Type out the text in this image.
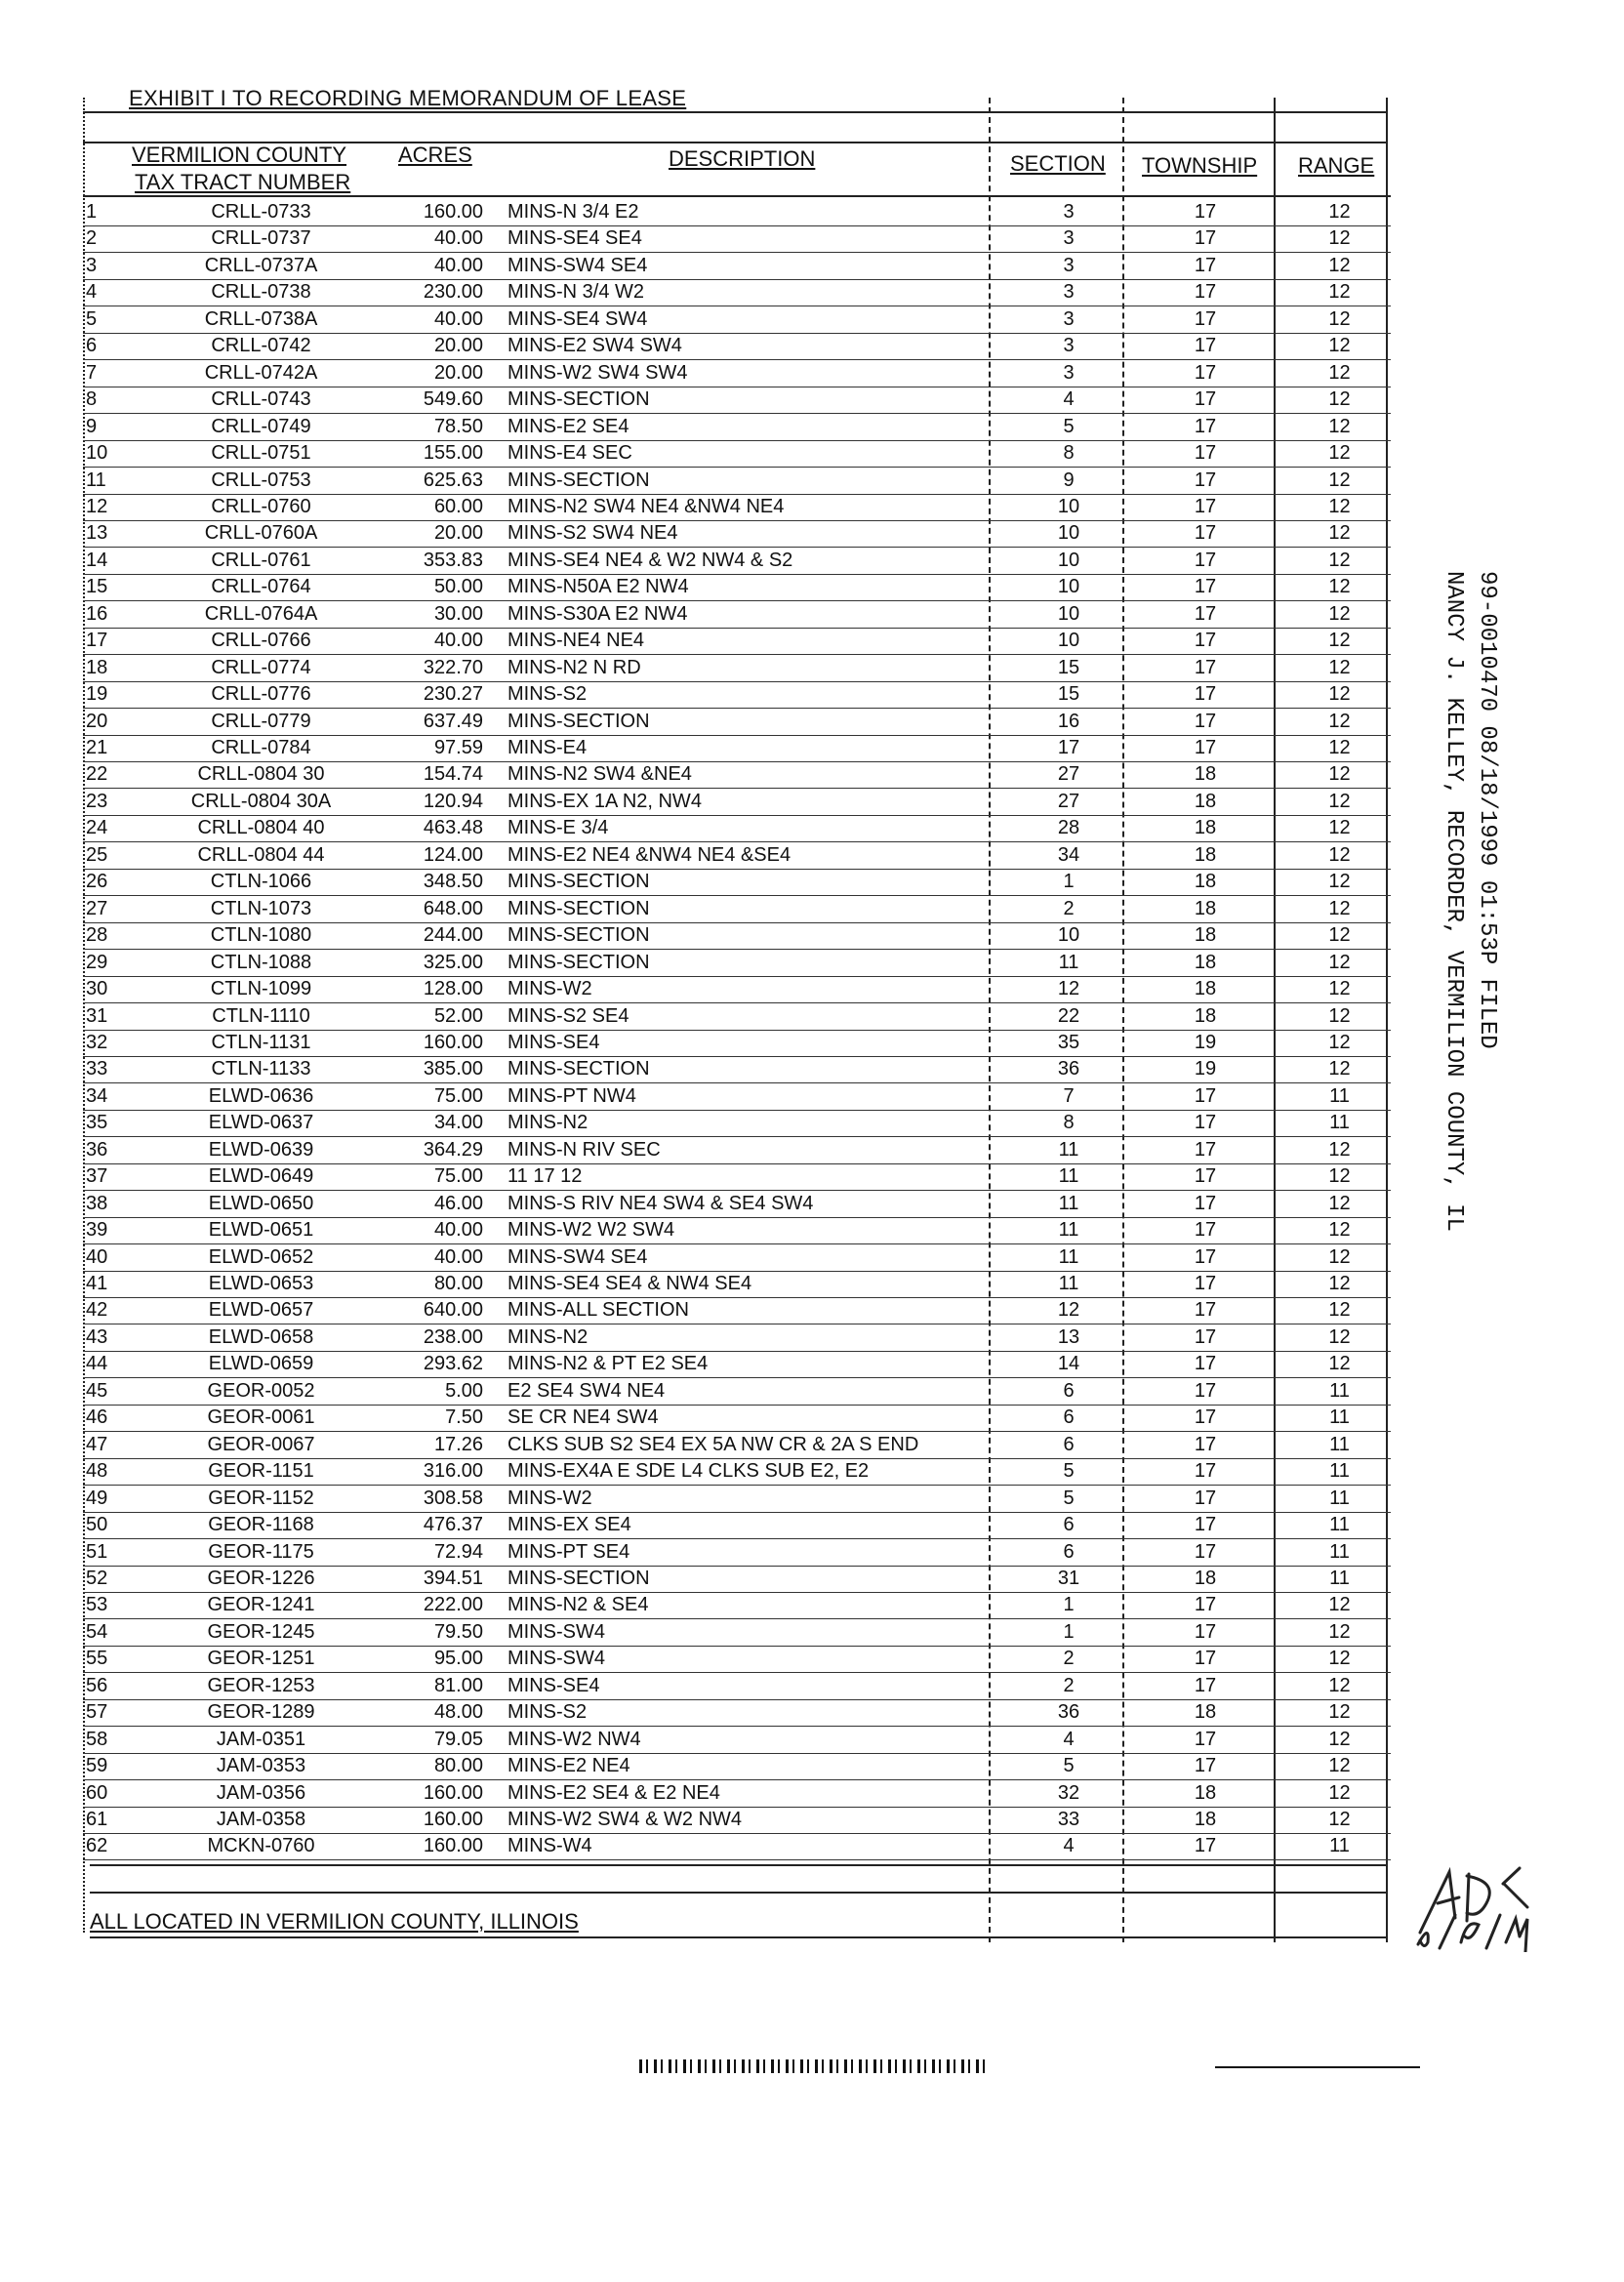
EXHIBIT I TO RECORDING MEMORANDUM OF LEASE
VERMILION COUNTY
TAX TRACT NUMBER
ACRES	DESCRIPTION	SECTION TOWNSHIP RANGE
1	CRLL-0733	160.00 MINS-N 3/4 E2	3	17	12
2	CRLL-0737	40.00 MINS-SE4 SE4	3	17	12
3	CRLL-0737A	40.00 MINS-SW4 SE4	3	17	12
4	CRLL-0738	230.00 MINS-N 3/4 W2	3	17	12
5	CRLL-0738A	40.00 MINS-SE4 SW4	3	17	12
6	CRLL-0742	20.00 MINS-E2 SW4 SW4	3	17	12
7	CRLL-0742A	20.00 MINS-W2 SW4 SW4	3	17	12
8	CRLL-0743	549.60 MINS-SECTION	4	17	12
9	CRLL-0749	78.50 MINS-E2 SE4	5	17	12
10	CRLL-0751	155.00 MINS-E4 SEC	8	17	12
11	CRLL-0753	625.63 MINS-SECTION	9	17	12
12	CRLL-0760	60.00 MINS-N2 SW4 NE4 &NW4 NE4	10	17	12
13	CRLL-0760A	20.00 MINS-S2 SW4 NE4	10	17	12
14	CRLL-0761	353.83 MINS-SE4 NE4 & W2 NW4 & S2	10	17	12
15	CRLL-0764	50.00 MINS-N50A E2 NW4	10	17	12
16	CRLL-0764A	30.00 MINS-S30A E2 NW4	10	17	12
17	CRLL-0766	40.00 MINS-NE4 NE4	10	17	12
18	CRLL-0774	322.70 MINS-N2 N RD	15	17	12
19	CRLL-0776	230.27 MINS-S2	15	17	12
20	CRLL-0779	637.49 MINS-SECTION	16	17	12
21	CRLL-0784	97.59 MINS-E4	17	17	12
22	CRLL-0804 30	154.74 MINS-N2 SW4 &NE4	27	18	12
23	CRLL-0804 30A	120.94 MINS-EX 1A N2, NW4	27	18	12
24	CRLL-0804 40	463.48 MINS-E 3/4	28	18	12
25	CRLL-0804 44	124.00 MINS-E2 NE4 &NW4 NE4 &SE4	34	18	12
26	CTLN-1066	348.50 MINS-SECTION	1	18	12
27	CTLN-1073	648.00 MINS-SECTION	2	18	12
28	CTLN-1080	244.00 MINS-SECTION	10	18	12
29	CTLN-1088	325.00 MINS-SECTION	11	18	12
30	CTLN-1099	128.00 MINS-W2	12	18	12
31	CTLN-1110	52.00 MINS-S2 SE4	22	18	12
32	CTLN-1131	160.00 MINS-SE4	35	19	12
33	CTLN-1133	385.00 MINS-SECTION	36	19	12
34	ELWD-0636	75.00 MINS-PT NW4	7	17	11
35	ELWD-0637	34.00 MINS-N2	8	17	11
36	ELWD-0639	364.29 MINS-N RIV SEC	11	17	12
37	ELWD-0649	75.00 11 17 12	11	17	12
38	ELWD-0650	46.00 MINS-S RIV NE4 SW4 & SE4 SW4	11	17	12
39	ELWD-0651	40.00 MINS-W2 W2 SW4	11	17	12
40	ELWD-0652	40.00 MINS-SW4 SE4	11	17	12
41	ELWD-0653	80.00 MINS-SE4 SE4 & NW4 SE4	11	17	12
42	ELWD-0657	640.00 MINS-ALL SECTION	12	17	12
43	ELWD-0658	238.00 MINS-N2	13	17	12
44	ELWD-0659	293.62 MINS-N2 & PT E2 SE4	14	17	12
45	GEOR-0052	5.00 E2 SE4 SW4 NE4	6	17	11
46	GEOR-0061	7.50 SE CR NE4 SW4	6	17	11
47	GEOR-0067	17.26 CLKS SUB S2 SE4 EX 5A NW CR & 2A S END	6	17	11
48	GEOR-1151	316.00 MINS-EX4A E SDE L4 CLKS SUB E2, E2	5	17	11
49	GEOR-1152	308.58 MINS-W2	5	17	11
50	GEOR-1168	476.37 MINS-EX SE4	6	17	11
51	GEOR-1175	72.94 MINS-PT SE4	6	17	11
52	GEOR-1226	394.51 MINS-SECTION	31	18	11
53	GEOR-1241	222.00 MINS-N2 & SE4	1	17	12
54	GEOR-1245	79.50 MINS-SW4	1	17	12
55	GEOR-1251	95.00 MINS-SW4	2	17	12
56	GEOR-1253	81.00 MINS-SE4	2	17	12
57	GEOR-1289	48.00 MINS-S2	36	18	12
58	JAM-0351	79.05 MINS-W2 NW4	4	17	12
59	JAM-0353	80.00 MINS-E2 NE4	5	17	12
60	JAM-0356	160.00 MINS-E2 SE4 & E2 NE4	32	18	12
61	JAM-0358	160.00 MINS-W2 SW4 & W2 NW4	33	18	12
62	MCKN-0760	160.00 MINS-W4	4	17	11
ALL LOCATED IN VERMILION COUNTY, ILLINOIS
99-0010470 08/18/1999 01:53P FILED
NANCY J. KELLEY, RECORDER, VERMILION COUNTY, IL
